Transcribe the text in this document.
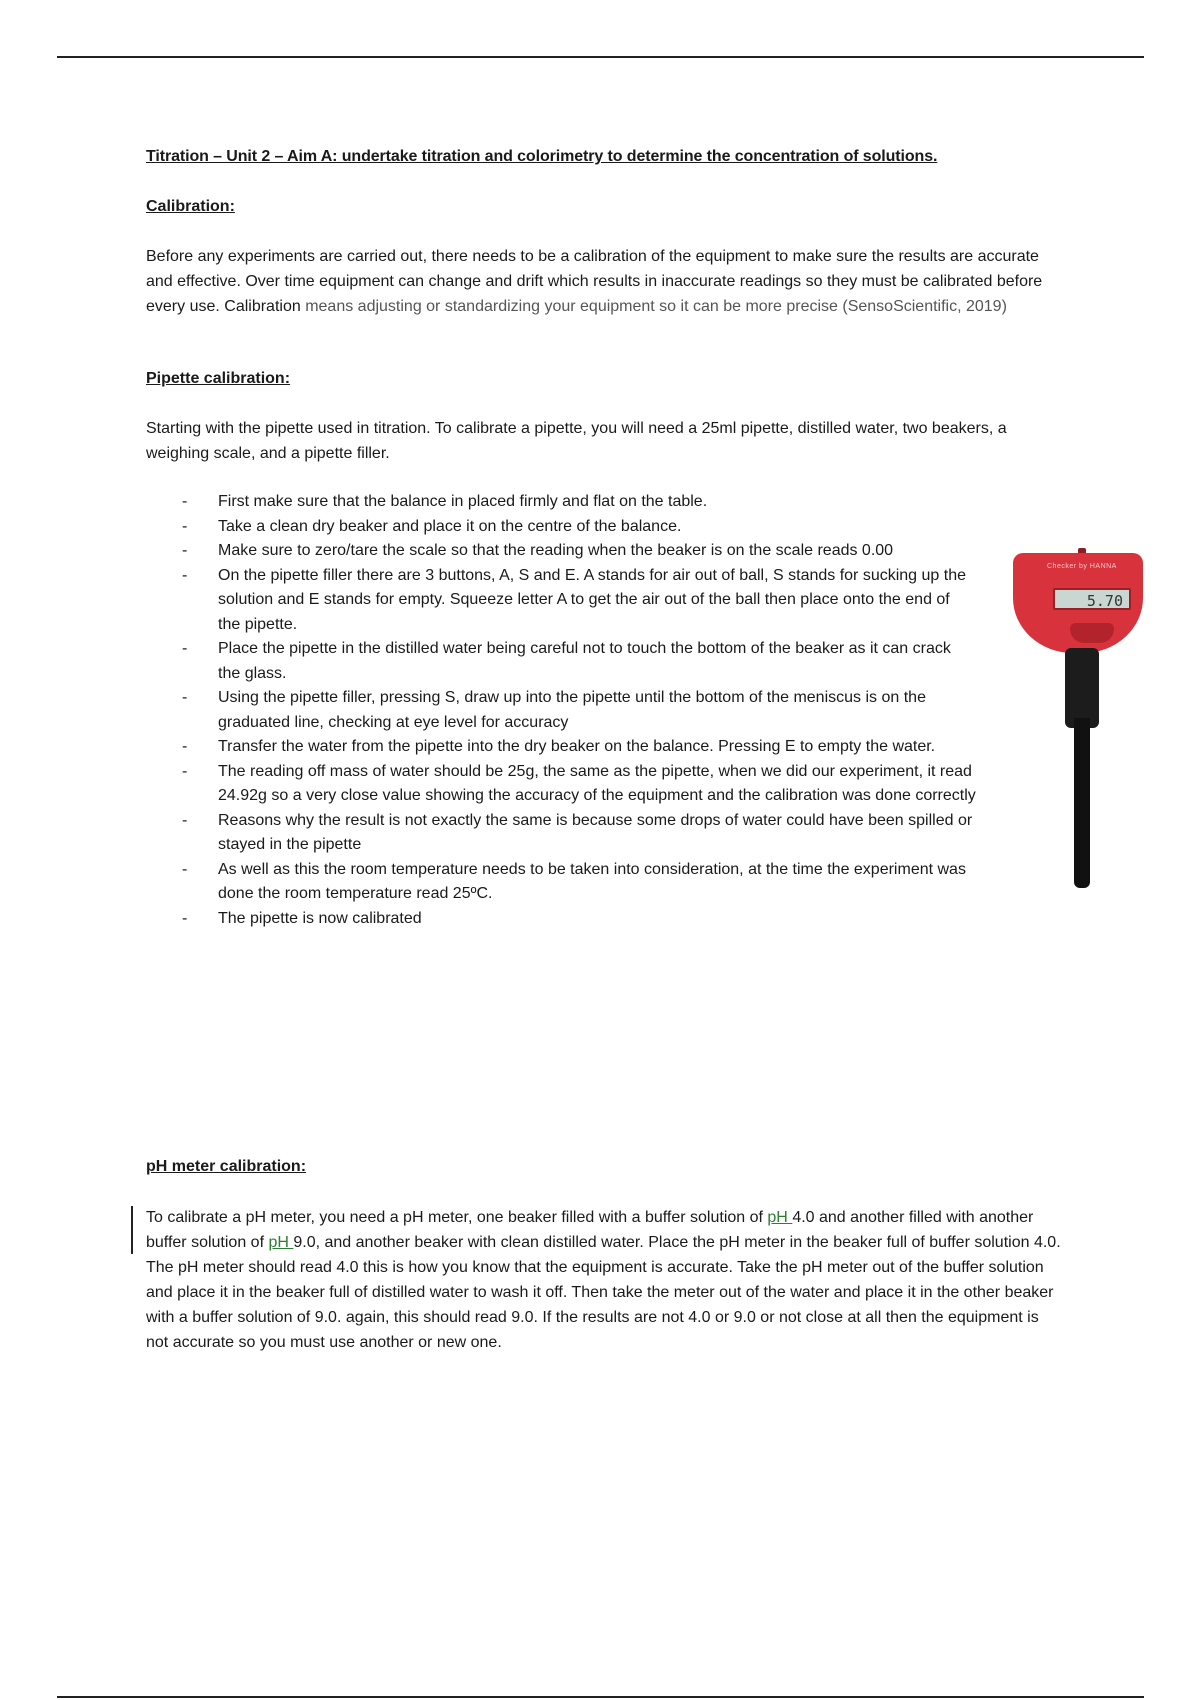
Titration – Unit 2 – Aim A: undertake titration and colorimetry to determine the concentration of solutions.
Calibration:

Before any experiments are carried out, there needs to be a calibration of the equipment to make sure the results are accurate and effective. Over time equipment can change and drift which results in inaccurate readings so they must be calibrated before every use. Calibration means adjusting or standardizing your equipment so it can be more precise (SensoScientific, 2019)

Pipette calibration:

Starting with the pipette used in titration. To calibrate a pipette, you will need a 25ml pipette, distilled water, two beakers, a weighing scale, and a pipette filler.

- First make sure that the balance in placed firmly and flat on the table.
- Take a clean dry beaker and place it on the centre of the balance.
- Make sure to zero/tare the scale so that the reading when the beaker is on the scale reads 0.00
- On the pipette filler there are 3 buttons, A, S and E. A stands for air out of ball, S stands for sucking up the solution and E stands for empty. Squeeze letter A to get the air out of the ball then place onto the end of the pipette.
- Place the pipette in the distilled water being careful not to touch the bottom of the beaker as it can crack the glass.
- Using the pipette filler, pressing S, draw up into the pipette until the bottom of the meniscus is on the graduated line, checking at eye level for accuracy
- Transfer the water from the pipette into the dry beaker on the balance. Pressing E to empty the water.
- The reading off mass of water should be 25g, the same as the pipette, when we did our experiment, it read 24.92g so a very close value showing the accuracy of the equipment and the calibration was done correctly
- Reasons why the result is not exactly the same is because some drops of water could have been spilled or stayed in the pipette
- As well as this the room temperature needs to be taken into consideration, at the time the experiment was done the room temperature read 25ºC.
- The pipette is now calibrated
Checker by HANNA
5.70
pH meter calibration:

To calibrate a pH meter, you need a pH meter, one beaker filled with a buffer solution of pH 4.0 and another filled with another buffer solution of pH 9.0, and another beaker with clean distilled water. Place the pH meter in the beaker full of buffer solution 4.0. The pH meter should read 4.0 this is how you know that the equipment is accurate. Take the pH meter out of the buffer solution and place it in the beaker full of distilled water to wash it off. Then take the meter out of the water and place it in the other beaker with a buffer solution of 9.0. again, this should read 9.0. If the results are not 4.0 or 9.0 or not close at all then the equipment is not accurate so you must use another or new one.
